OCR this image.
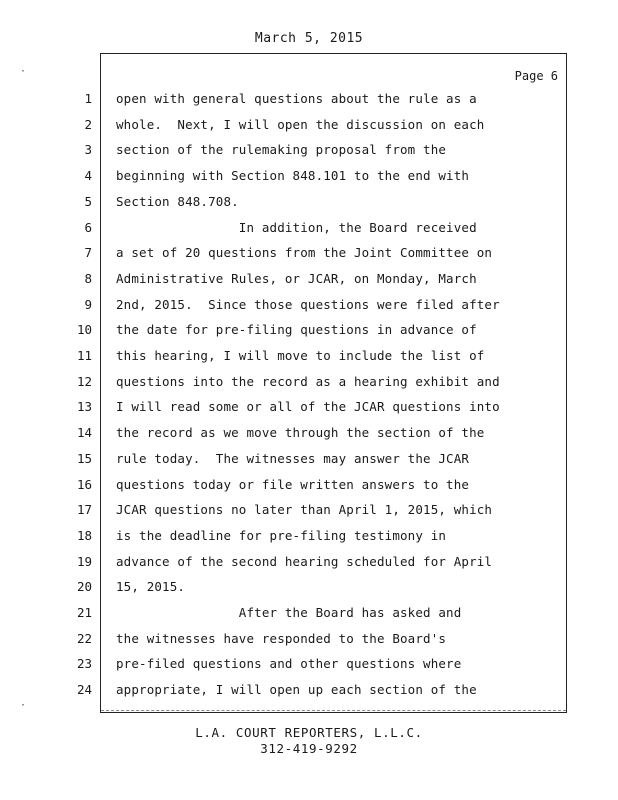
March 5, 2015
Page 6
1 open with general questions about the rule as a
2 whole.  Next, I will open the discussion on each
3 section of the rulemaking proposal from the
4 beginning with Section 848.101 to the end with
5 Section 848.708.
6 In addition, the Board received
7 a set of 20 questions from the Joint Committee on
8 Administrative Rules, or JCAR, on Monday, March
9 2nd, 2015.  Since those questions were filed after
10 the date for pre-filing questions in advance of
11 this hearing, I will move to include the list of
12 questions into the record as a hearing exhibit and
13 I will read some or all of the JCAR questions into
14 the record as we move through the section of the
15 rule today.  The witnesses may answer the JCAR
16 questions today or file written answers to the
17 JCAR questions no later than April 1, 2015, which
18 is the deadline for pre-filing testimony in
19 advance of the second hearing scheduled for April
20 15, 2015.
21 After the Board has asked and
22 the witnesses have responded to the Board's
23 pre-filed questions and other questions where
24 appropriate, I will open up each section of the
L.A. COURT REPORTERS, L.L.C.
312-419-9292
·
·
